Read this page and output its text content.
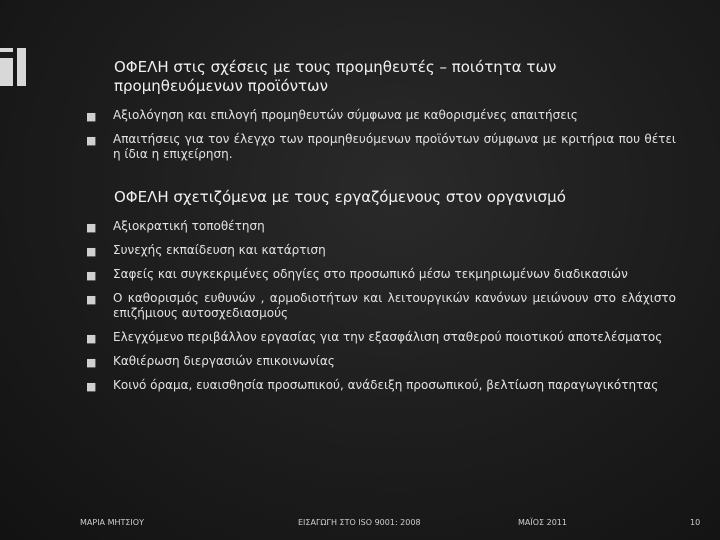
ΟΦΕΛΗ στις σχέσεις με τους προμηθευτές – ποιότητα των προμηθευόμενων προϊόντων
■ Αξιολόγηση και επιλογή προμηθευτών σύμφωνα με καθορισμένες απαιτήσεις
■ Απαιτήσεις για τον έλεγχο των προμηθευόμενων προϊόντων σύμφωνα με κριτήρια που θέτει η ίδια η επιχείρηση.
ΟΦΕΛΗ σχετιζόμενα με τους εργαζόμενους στον οργανισμό
■ Αξιοκρατική τοποθέτηση
■ Συνεχής εκπαίδευση και κατάρτιση
■ Σαφείς και συγκεκριμένες οδηγίες στο προσωπικό μέσω τεκμηριωμένων διαδικασιών
■ Ο καθορισμός ευθυνών , αρμοδιοτήτων και λειτουργικών κανόνων μειώνουν στο ελάχιστο επιζήμιους αυτοσχεδιασμούς
■ Ελεγχόμενο περιβάλλον εργασίας για την εξασφάλιση σταθερού ποιοτικού αποτελέσματος
■ Καθιέρωση διεργασιών επικοινωνίας
■ Κοινό όραμα, ευαισθησία προσωπικού, ανάδειξη προσωπικού, βελτίωση παραγωγικότητας
ΜΑΡΙΑ ΜΗΤΣΙΟΥ	ΕΙΣΑΓΩΓΗ ΣΤΟ ISO 9001: 2008	ΜΑΪΟΣ 2011	10
